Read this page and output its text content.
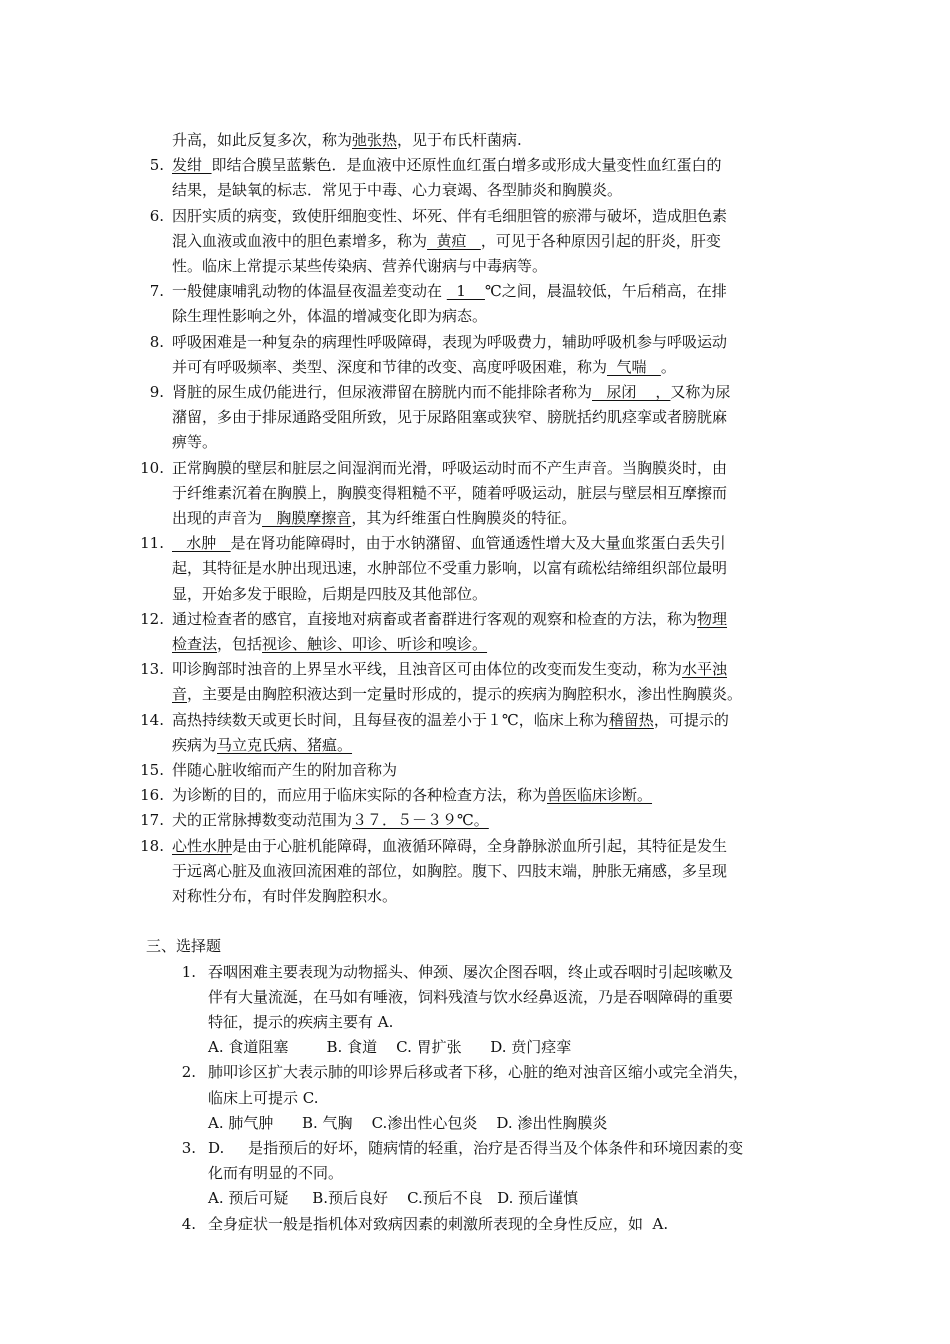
升高，如此反复多次，称为弛张热，见于布氏杆菌病.
5. 发绀  即结合膜呈蓝紫色．是血液中还原性血红蛋白增多或形成大量变性血红蛋白的
结果，是缺氧的标志．常见于中毒、心力衰竭、各型肺炎和胸膜炎。
6. 因肝实质的病变，致使肝细胞变性、坏死、伴有毛细胆管的瘀滞与破坏，造成胆色素
混入血液或血液中的胆色素增多，称为  黄疸   ，可见于各种原因引起的肝炎，肝变
性。临床上常提示某些传染病、营养代谢病与中毒病等。
7. 一般健康哺乳动物的体温昼夜温差变动在   1    ℃之间，晨温较低，午后稍高，在排
除生理性影响之外，体温的增减变化即为病态。
8. 呼吸困难是一种复杂的病理性呼吸障碍，表现为呼吸费力，辅助呼吸机参与呼吸运动
并可有呼吸频率、类型、深度和节律的改变、高度呼吸困难，称为  气喘   。
9. 肾脏的尿生成仍能进行，但尿液滞留在膀胱内而不能排除者称为   尿闭    ，又称为尿
潴留，多由于排尿通路受阻所致，见于尿路阻塞或狭窄、膀胱括约肌痉挛或者膀胱麻
痹等。
10. 正常胸膜的壁层和脏层之间湿润而光滑，呼吸运动时而不产生声音。当胸膜炎时，由
于纤维素沉着在胸膜上，胸膜变得粗糙不平，随着呼吸运动，脏层与壁层相互摩擦而
出现的声音为   胸膜摩擦音，其为纤维蛋白性胸膜炎的特征。
11. 水肿   是在肾功能障碍时，由于水钠潴留、血管通透性增大及大量血浆蛋白丢失引
起，其特征是水肿出现迅速，水肿部位不受重力影响，以富有疏松结缔组织部位最明
显，开始多发于眼睑，后期是四肢及其他部位。
12. 通过检查者的感官，直接地对病畜或者畜群进行客观的观察和检查的方法，称为物理
检查法，包括视诊、触诊、叩诊、听诊和嗅诊。
13. 叩诊胸部时浊音的上界呈水平线，且浊音区可由体位的改变而发生变动，称为水平浊
音，主要是由胸腔积液达到一定量时形成的，提示的疾病为胸腔积水，渗出性胸膜炎。
14. 高热持续数天或更长时间，且每昼夜的温差小于１℃，临床上称为稽留热，可提示的
疾病为马立克氏病、猪瘟。
15. 伴随心脏收缩而产生的附加音称为
16. 为诊断的目的，而应用于临床实际的各种检查方法，称为兽医临床诊断。
17. 犬的正常脉搏数变动范围为３７．５－３９℃。
18. 心性水肿是由于心脏机能障碍，血液循环障碍，全身静脉淤血所引起，其特征是发生
于远离心脏及血液回流困难的部位，如胸腔。腹下、四肢末端，肿胀无痛感，多呈现
对称性分布，有时伴发胸腔积水。
三、选择题
1. 吞咽困难主要表现为动物摇头、伸颈、屡次企图吞咽，终止或吞咽时引起咳嗽及
伴有大量流涎，在马如有唾液，饲料残渣与饮水经鼻返流，乃是吞咽障碍的重要
特征，提示的疾病主要有 A.
A. 食道阻塞        B. 食道    C. 胃扩张      D. 贲门痉挛
2. 肺叩诊区扩大表示肺的叩诊界后移或者下移，心脏的绝对浊音区缩小或完全消失，
临床上可提示 C.
A. 肺气肿      B. 气胸    C.渗出性心包炎    D. 渗出性胸膜炎
3. D.     是指预后的好坏，随病情的轻重，治疗是否得当及个体条件和环境因素的变
化而有明显的不同。
A. 预后可疑     B.预后良好    C.预后不良   D. 预后谨慎
4. 全身症状一般是指机体对致病因素的刺激所表现的全身性反应，如  A.
